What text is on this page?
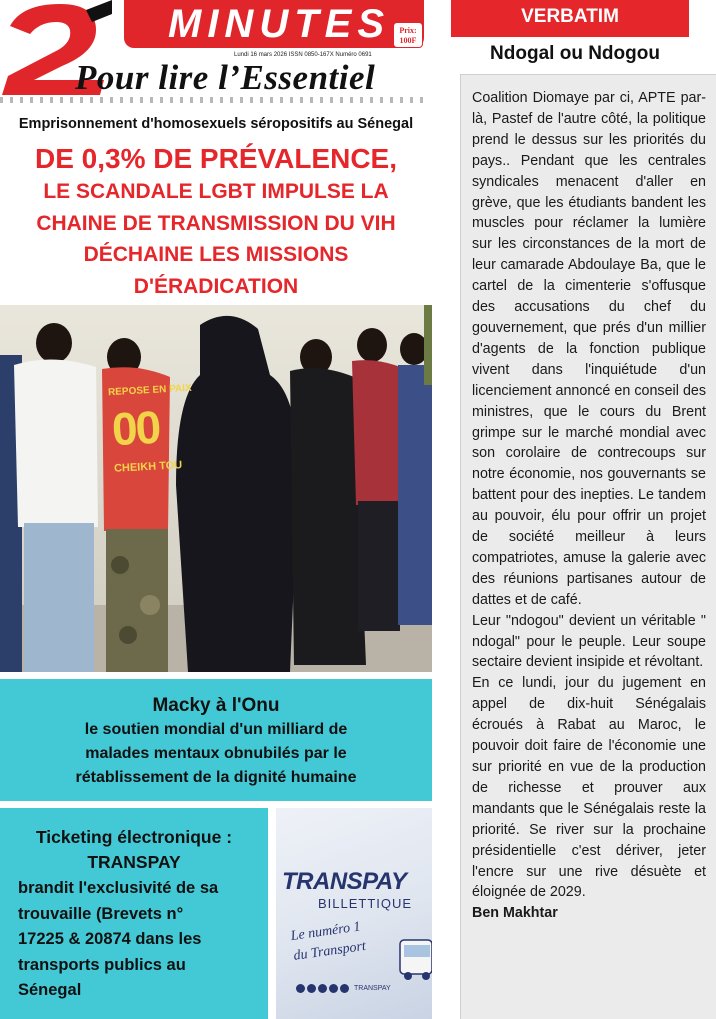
MINUTES	Prix:
100F
Lundi 16 mars 2026 ISSN 0850-167X Numéro 0691
Pour lire l’Essentiel
Emprisonnement d'homosexuels séropositifs au Sénegal
DE 0,3% DE PRÉVALENCE,
LE SCANDALE LGBT IMPULSE LA
CHAINE DE TRANSMISSION DU VIH
DÉCHAINE LES MISSIONS
D'ÉRADICATION
REPOSE EN PAIX
00
CHEIKH TOU
Macky à l'Onu
le soutien mondial d'un milliard de
malades mentaux obnubilés par le
rétablissement de la dignité humaine
Ticketing électronique :
TRANSPAY
brandit l'exclusivité de sa
trouvaille (Brevets n°
17225 & 20874 dans les
transports publics au
Sénegal
TRANSPAY
BILLETTIQUE
Le numéro 1
du Transport
TRANSPAY
VERBATIM
Ndogal ou Ndogou

Coalition Diomaye par ci, APTE par-là, Pastef de l'autre côté, la politique prend le dessus sur les priorités du pays.. Pendant que les centrales syndicales menacent d'aller en grève, que les étudiants bandent les muscles pour réclamer la lumière sur les circonstances de la mort de leur camarade Abdoulaye Ba, que le cartel de la cimenterie s'offusque des accusations du chef du gouvernement, que prés d'un millier d'agents de la fonction publique vivent dans l'inquiétude d'un licenciement annoncé en conseil des ministres, que le cours du Brent grimpe sur le marché mondial avec son corolaire de contrecoups sur notre économie, nos gouvernants se battent pour des inepties. Le tandem au pouvoir, élu pour offrir un projet de société meilleur à leurs compatriotes, amuse la galerie avec des réunions partisanes autour de dattes et de café.

Leur "ndogou" devient un véritable " ndogal" pour le peuple. Leur soupe sectaire devient insipide et révoltant.

En ce lundi, jour du jugement en appel de dix-huit Sénégalais écroués à Rabat au Maroc, le pouvoir doit faire de l'économie une sur priorité en vue de la production de richesse et prouver aux mandants que le Sénégalais reste la priorité. Se river sur la prochaine présidentielle c'est dériver, jeter l'encre sur une rive désuète et éloignée de 2029.

Ben Makhtar
